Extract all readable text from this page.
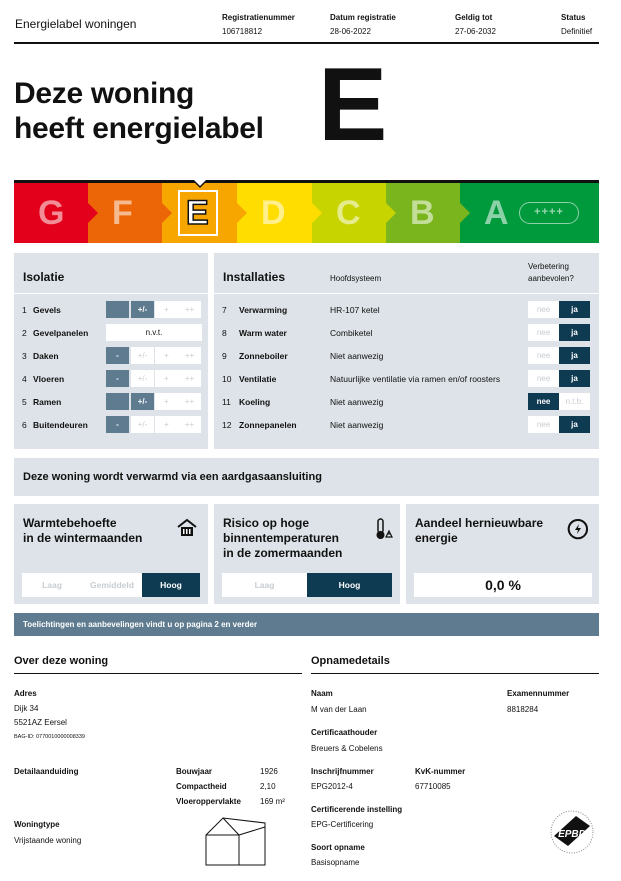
Energielabel woningen	Registratienummer
106718812
Datum registratie
28-06-2022
Geldig tot
27-06-2032
Status
Definitief
Deze woning
heeft energielabel E
G F E D C B A	++++
Isolatie
1 Gevels	-	+/-	+	++
2 Gevelpanelen	n.v.t.
3 Daken	-	+/-	+	++
4 Vloeren	-	+/-	+	++
5 Ramen	-	+/-	+	++
6 Buitendeuren	-	+/-	+	++
Installaties	Hoofdsysteem
Verbetering
aanbevolen?
7 Verwarming	HR-107 ketel	nee	ja
8 Warm water	Combiketel	nee	ja
9 Zonneboiler	Niet aanwezig	nee	ja
10 Ventilatie	Natuurlijke ventilatie via ramen en/of roosters	nee	ja
11 Koeling	Niet aanwezig	nee	n.t.b.
12 Zonnepanelen	Niet aanwezig	nee	ja
Deze woning wordt verwarmd via een aardgasaansluiting
Warmtebehoefte
in de wintermaanden
Laag	Gemiddeld	Hoog
Risico op hoge
binnentemperaturen
in de zomermaanden
Laag	Hoog
Aandeel hernieuwbare
energie
0,0 %
Toelichtingen en aanbevelingen vindt u op pagina 2 en verder
Over deze woning
Adres
Dijk 34
5521AZ Eersel
BAG-ID: 0770010000008339
Detailaanduiding	Bouwjaar	1926
Compactheid	2,10
Vloeroppervlakte 169 m²
Woningtype
Vrijstaande woning
Opnamedetails
Naam
M van der Laan
Examennummer
8818284
Certificaathouder
Breuers & Cobelens
Inschrijfnummer
EPG2012-4
KvK-nummer
67710085
Certificerende instelling
EPG-Certificering
Soort opname
Basisopname
EPBD
